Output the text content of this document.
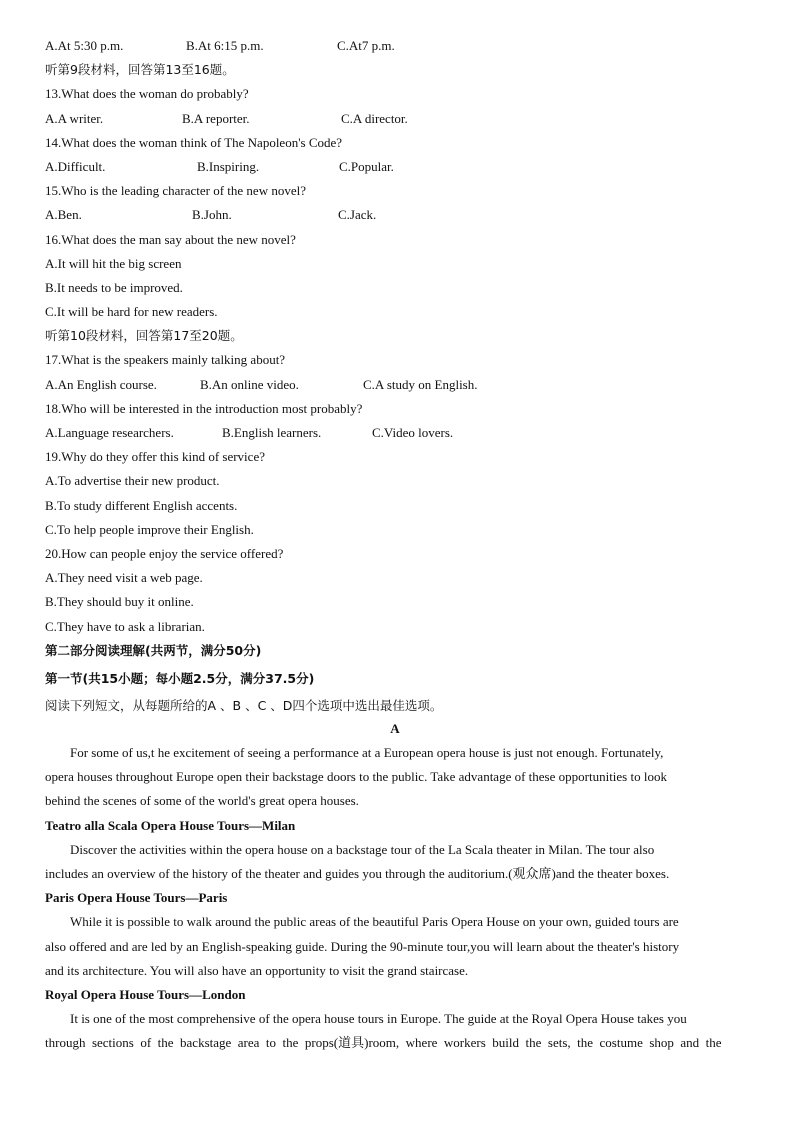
A.At 5:30 p.m.	B.At 6:15 p.m.	C.At7 p.m.
听第9段材料，回答第13至16题。
13.What does the woman do probably?
A.A writer.	B.A reporter.	C.A director.
14.What does the woman think of The Napoleon's Code?
A.Difficult.	B.Inspiring.	C.Popular.
15.Who is the leading character of the new novel?
A.Ben.	B.John.	C.Jack.
16.What does the man say about the new novel?
A.It will hit the big screen
B.It needs to be improved.
C.It will be hard for new readers.
听第10段材料，回答第17至20题。
17.What is the speakers mainly talking about?
A.An English course.	B.An online video.	C.A study on English.
18.Who will be interested in the introduction most probably?
A.Language researchers.	B.English learners.	C.Video lovers.
19.Why do they offer this kind of service?
A.To advertise their new product.
B.To study different English accents.
C.To help people improve their English.
20.How can people enjoy the service offered?
A.They need visit a web page.
B.They should buy it online.
C.They have to ask a librarian.
第二部分阅读理解(共两节，满分50分)
第一节(共15小题；每小题2.5分，满分37.5分)
阅读下列短文，从每题所给的A 、B 、C 、D四个选项中选出最佳选项。
A
For some of us,t he excitement of seeing a performance at a European opera house is just not enough. Fortunately,
opera houses throughout Europe open their backstage doors to the public. Take advantage of these opportunities to look
behind the scenes of some of the world's great opera houses.
Teatro alla Scala Opera House Tours—Milan
Discover the activities within the opera house on a backstage tour of the La Scala theater in Milan. The tour also
includes an overview of the history of the theater and guides you through the auditorium.(观众席)and the theater boxes.
Paris Opera House Tours—Paris
While it is possible to walk around the public areas of the beautiful Paris Opera House on your own, guided tours are
also offered and are led by an English-speaking guide. During the 90-minute tour,you will learn about the theater's history
and its architecture. You will also have an opportunity to visit the grand staircase.
Royal Opera House Tours—London
It is one of the most comprehensive of the opera house tours in Europe. The guide at the Royal Opera House takes you
through  sections  of  the  backstage  area  to  the  props(道具)room,  where  workers  build  the  sets,  the  costume  shop  and  the
